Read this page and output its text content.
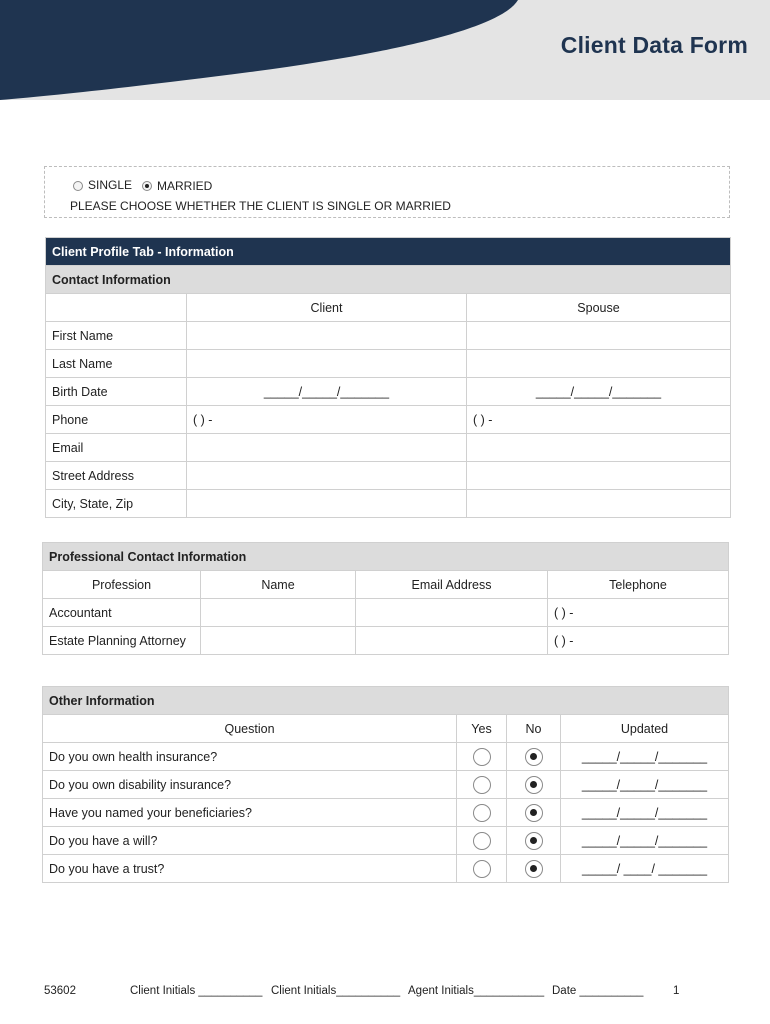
Client Data Form
SINGLE MARRIED
PLEASE CHOOSE WHETHER THE CLIENT IS SINGLE OR MARRIED
Client Profile Tab - Information		
Contact Information		
	Client	Spouse
First Name		
Last Name		
Birth Date	_____/_____/_______	_____/_____/_______
Phone	( ) -	( ) -
Email		
Street Address		
City, State, Zip		
Professional Contact Information			
Profession	Name	Email Address	Telephone
Accountant			( ) -
Estate Planning Attorney			( ) -
Other Information			
Question	Yes	No	Updated
Do you own health insurance?			_____/_____/_______
Do you own disability insurance?			_____/_____/_______
Have you named your beneficiaries?			_____/_____/_______
Do you have a will?			_____/_____/_______
Do you have a trust?			_____/ ____/ _______
53602	Client Initials __________ Client Initials__________ Agent Initials___________ Date __________	1
